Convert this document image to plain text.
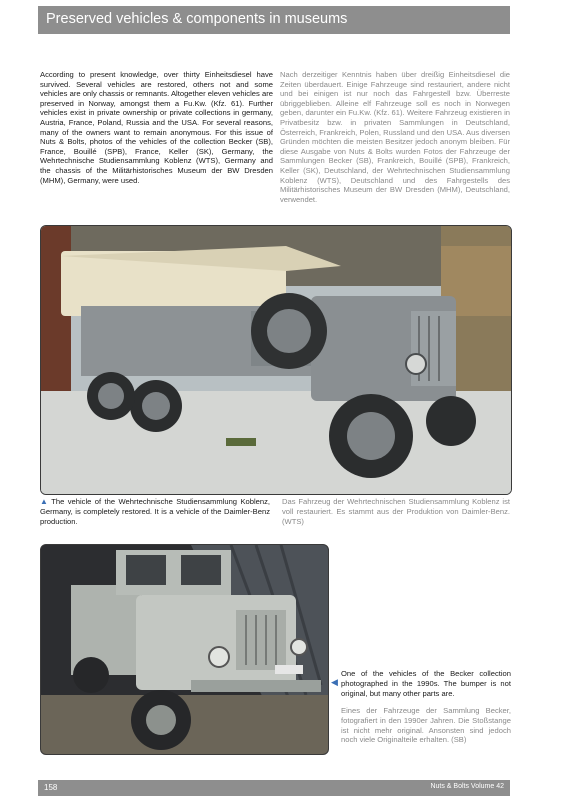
Preserved vehicles & components in museums
According to present knowledge, over thirty Einheitsdiesel have survived. Several vehicles are restored, others not and some vehicles are only chassis or remnants. Altogether eleven vehicles are preserved in Norway, amongst them a Fu.Kw. (Kfz. 61). Further vehicles exist in private ownership or private collections in germany, Austria, France, Poland, Russia and the USA. For several reasons, many of the owners want to remain anonymous. For this issue of Nuts & Bolts, photos of the vehicles of the collection Becker (SB), France, Bouillé (SPB), France, Keller (SK), Germany, the Wehrtechnische Studiensammlung Koblenz (WTS), Germany and the chassis of the Militärhistorisches Museum der BW Dresden (MHM), Germany, were used.
Nach derzeitiger Kenntnis haben über dreißig Einheitsdiesel die Zeiten überdauert. Einige Fahrzeuge sind restauriert, andere nicht und bei einigen ist nur noch das Fahrgestell bzw. Überreste übriggeblieben. Alleine elf Fahrzeuge soll es noch in Norwegen geben, darunter ein Fu.Kw. (Kfz. 61). Weitere Fahrzeug existieren in Privatbesitz bzw. in privaten Sammlungen in Deutschland, Österreich, Frankreich, Polen, Russland und den USA. Aus diversen Gründen möchten die meisten Besitzer jedoch anonym bleiben. Für diese Ausgabe von Nuts & Bolts wurden Fotos der Fahrzeuge der Sammlungen Becker (SB), Frankreich, Bouillé (SPB), Frankreich, Keller (SK), Deutschland, der Wehrtechnischen Studiensammlung Koblenz (WTS), Deutschland und des Fahrgestells des Militärhistorisches Museum der BW Dresden (MHM), Deutschland, verwendet.
▲ The vehicle of the Wehrtechnische Studiensammlung Koblenz, Germany, is completely restored. It is a vehicle of the Daimler-Benz production.
Das Fahrzeug der Wehrtechnischen Studiensammlung Koblenz ist voll restauriert. Es stammt aus der Produktion von Daimler-Benz. (WTS)
◀
One of the vehicles of the Becker collection photographed in the 1990s. The bumper is not original, but many other parts are.
Eines der Fahrzeuge der Sammlung Becker, fotografiert in den 1990er Jahren. Die Stoßstange ist nicht mehr original. Ansonsten sind jedoch noch viele Originalteile erhalten. (SB)
158	Nuts & Bolts Volume 42
